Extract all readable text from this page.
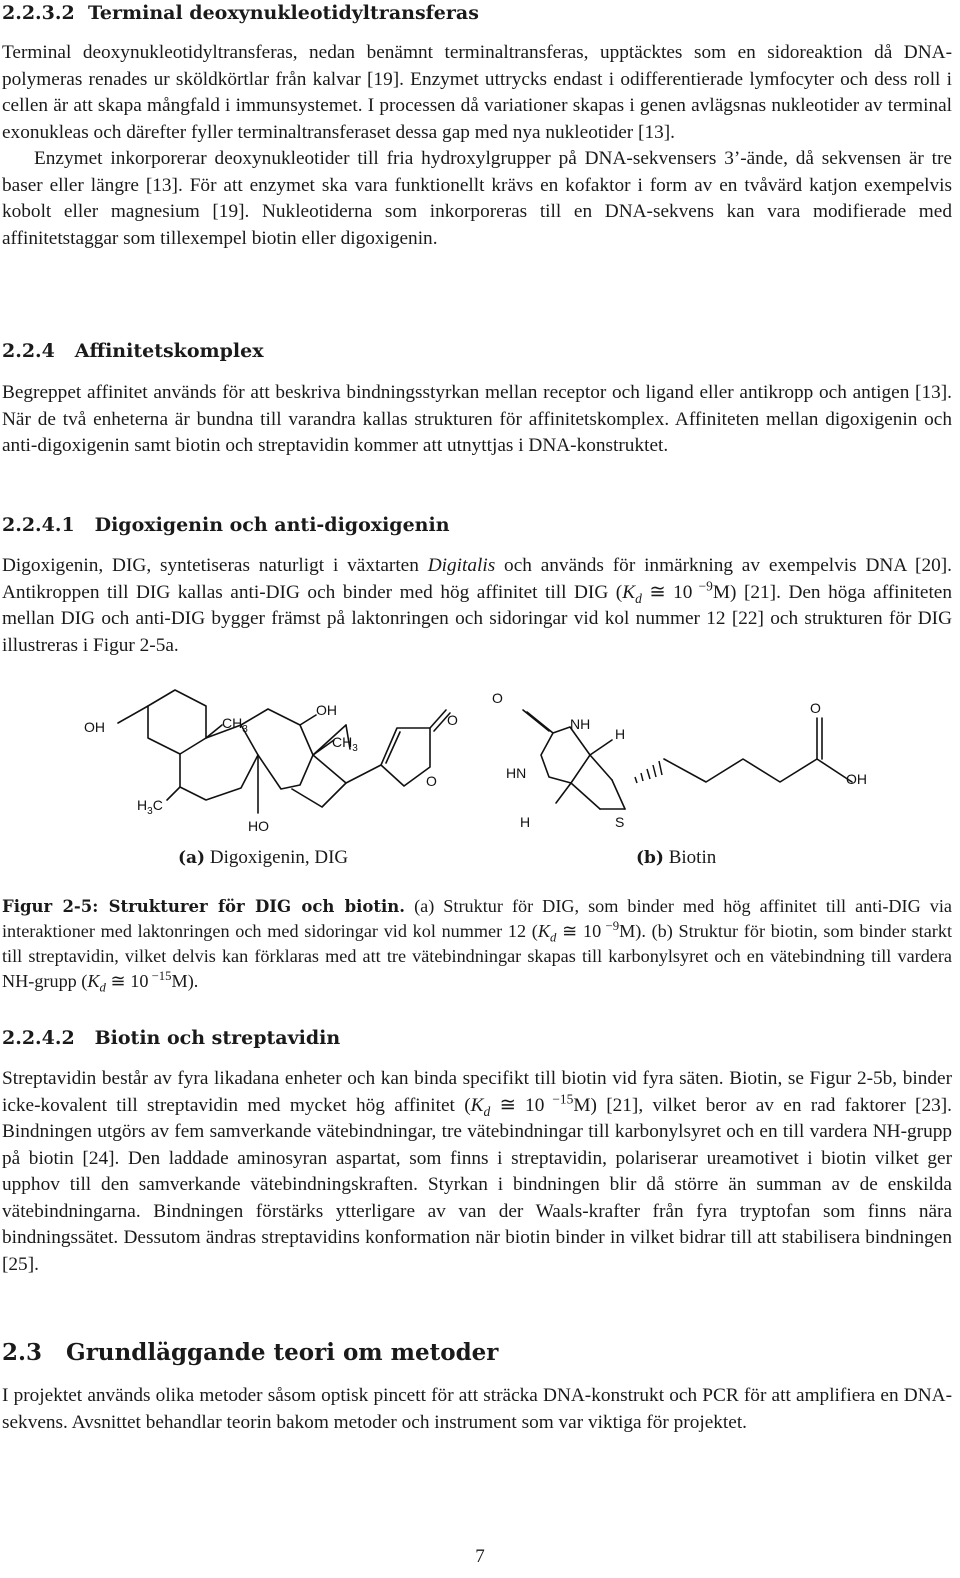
2.2.3.2 Terminal deoxynukleotidyltransferas

Terminal deoxynukleotidyltransferas, nedan benämnt terminaltransferas, upptäcktes som en sidoreaktion då DNA-polymeras renades ur sköldkörtlar från kalvar [19]. Enzymet uttrycks endast i odifferentierade lymfocyter och dess roll i cellen är att skapa mångfald i immunsystemet. I processen då variationer skapas i genen avlägsnas nukleotider av terminal exonukleas och därefter fyller terminaltransferaset dessa gap med nya nukleotider [13].

Enzymet inkorporerar deoxynukleotider till fria hydroxylgrupper på DNA-sekvensers 3’-ände, då sekvensen är tre baser eller längre [13]. För att enzymet ska vara funktionellt krävs en kofaktor i form av en tvåvärd katjon exempelvis kobolt eller magnesium [19]. Nukleotiderna som inkorporeras till en DNA-sekvens kan vara modifierade med affinitetstaggar som tillexempel biotin eller digoxigenin.

2.2.4 Affinitetskomplex

Begreppet affinitet används för att beskriva bindningsstyrkan mellan receptor och ligand eller antikropp och antigen [13]. När de två enheterna är bundna till varandra kallas strukturen för affinitetskomplex. Affiniteten mellan digoxigenin och anti-digoxigenin samt biotin och streptavidin kommer att utnyttjas i DNA-konstruktet.

2.2.4.1 Digoxigenin och anti-digoxigenin

Digoxigenin, DIG, syntetiseras naturligt i växtarten Digitalis och används för inmärkning av exempelvis DNA [20]. Antikroppen till DIG kallas anti-DIG och binder med hög affinitet till DIG ($K_d$ ≅ 10 $^{-9}$M) [21]. Den höga affiniteten mellan DIG och anti-DIG bygger främst på laktonringen och sidoringar vid kol nummer 12 [22] och strukturen för DIG illustreras i Figur 2-5a.

OH	$CH_3$
OH
$CH_3$
O
O
$H_3C$
HO
O
NH
H
HN
H	S
O
OH
(a) Digoxigenin, DIG	(b) Biotin
Figur 2-5: Strukturer för DIG och biotin. (a) Struktur för DIG, som binder med hög affinitet till anti-DIG via interaktioner med laktonringen och med sidoringar vid kol nummer 12 ($K_d$ ≅ 10 $^{-9}$M). (b) Struktur för biotin, som binder starkt till streptavidin, vilket delvis kan förklaras med att tre vätebindningar skapas till karbonylsyret och en vätebindning till vardera NH-grupp ($K_d$ ≅ 10 $^{-15}$M).
2.2.4.2 Biotin och streptavidin

Streptavidin består av fyra likadana enheter och kan binda specifikt till biotin vid fyra säten. Biotin, se Figur 2-5b, binder icke-kovalent till streptavidin med mycket hög affinitet ($K_d$ ≅ 10 $^{-15}$M) [21], vilket beror av en rad faktorer [23]. Bindningen utgörs av fem samverkande vätebindningar, tre vätebindningar till karbonylsyret och en till vardera NH-grupp på biotin [24]. Den laddade aminosyran aspartat, som finns i streptavidin, polariserar ureamotivet i biotin vilket ger upphov till den samverkande vätebindningskraften. Styrkan i bindningen blir då större än summan av de enskilda vätebindningarna. Bindningen förstärks ytterligare av van der Waals-krafter från fyra tryptofan som finns nära bindningssätet. Dessutom ändras streptavidins konformation när biotin binder in vilket bidrar till att stabilisera bindningen [25].

2.3 Grundläggande teori om metoder

I projektet används olika metoder såsom optisk pincett för att sträcka DNA-konstrukt och PCR för att amplifiera en DNA-sekvens. Avsnittet behandlar teorin bakom metoder och instrument som var viktiga för projektet.

7
